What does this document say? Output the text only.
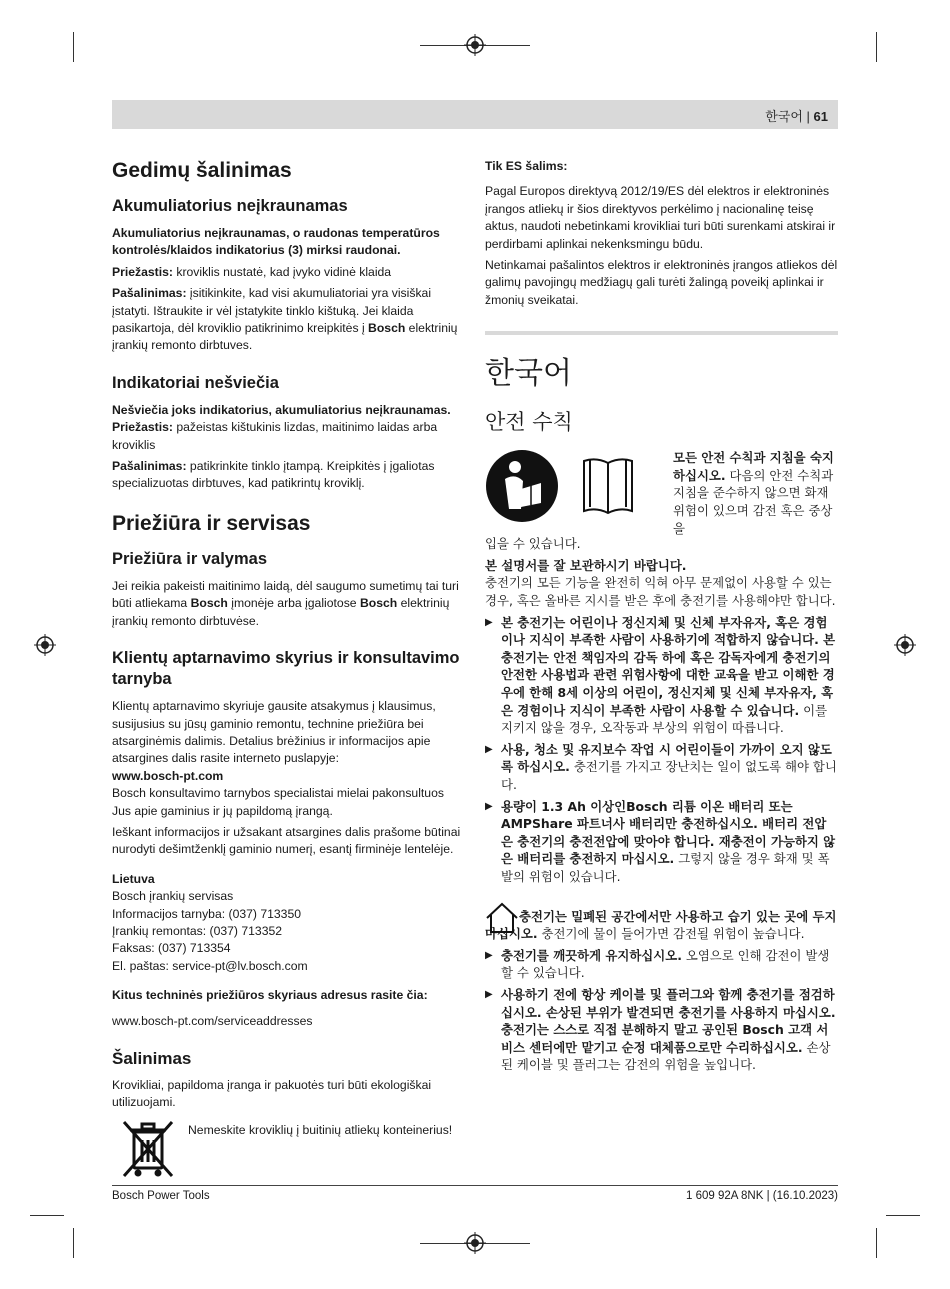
한국어 | 61
Gedimų šalinimas
Akumuliatorius neįkraunamas

Akumuliatorius neįkraunamas, o raudonas temperatūros kontrolės/klaidos indikatorius (3) mirksi raudonai.

Priežastis: kroviklis nustatė, kad įvyko vidinė klaida

Pašalinimas: įsitikinkite, kad visi akumuliatoriai yra visiškai įstatyti. Ištraukite ir vėl įstatykite tinklo kištuką. Jei klaida pasikartoja, dėl kroviklio patikrinimo kreipkitės į Bosch elektrinių įrankių remonto dirbtuves.

Indikatoriai nešviečia

Nešviečia joks indikatorius, akumuliatorius neįkraunamas.

Priežastis: pažeistas kištukinis lizdas, maitinimo laidas arba kroviklis

Pašalinimas: patikrinkite tinklo įtampą. Kreipkitės į įgaliotas specializuotas dirbtuves, kad patikrintų kroviklį.

Priežiūra ir servisas
Priežiūra ir valymas

Jei reikia pakeisti maitinimo laidą, dėl saugumo sumetimų tai turi būti atliekama Bosch įmonėje arba įgaliotose Bosch elektrinių įrankių remonto dirbtuvėse.

Klientų aptarnavimo skyrius ir konsultavimo tarnyba

Klientų aptarnavimo skyriuje gausite atsakymus į klausimus, susijusius su jūsų gaminio remontu, technine priežiūra bei atsarginėmis dalimis. Detalius brėžinius ir informacijos apie atsargines dalis rasite interneto puslapyje:

www.bosch-pt.com

Bosch konsultavimo tarnybos specialistai mielai pakonsultuos Jus apie gaminius ir jų papildomą įrangą.

Ieškant informacijos ir užsakant atsargines dalis prašome būtinai nurodyti dešimtženklį gaminio numerį, esantį firminėje lentelėje.

Lietuva

Bosch įrankių servisas

Informacijos tarnyba: (037) 713350

Įrankių remontas: (037) 713352

Faksas: (037) 713354

El. paštas: service-pt@lv.bosch.com

Kitus techninės priežiūros skyriaus adresus rasite čia:

www.bosch-pt.com/serviceaddresses

Šalinimas

Krovikliai, papildoma įranga ir pakuotės turi būti ekologiškai utilizuojami.

Nemeskite kroviklių į buitinių atliekų konteinerius!

Tik ES šalims:

Pagal Europos direktyvą 2012/19/ES dėl elektros ir elektroninės įrangos atliekų ir šios direktyvos perkėlimo į nacionalinę teisę aktus, naudoti nebetinkami krovikliai turi būti surenkami atskirai ir perdirbami aplinkai nekenksmingu būdu.

Netinkamai pašalintos elektros ir elektroninės įrangos atliekos dėl galimų pavojingų medžiagų gali turėti žalingą poveikį aplinkai ir žmonių sveikatai.

한국어
안전 수칙
모든 안전 수칙과 지침을 숙지하십시오. 다음의 안전 수칙과 지침을 준수하지 않으면 화재 위험이 있으며 감전 혹은 중상을

입을 수 있습니다.

본 설명서를 잘 보관하시기 바랍니다.

충전기의 모든 기능을 완전히 익혀 아무 문제없이 사용할 수 있는 경우, 혹은 올바른 지시를 받은 후에 충전기를 사용해야만 합니다.

▶ 본 충전기는 어린이나 정신지체 및 신체 부자유자, 혹은 경험이나 지식이 부족한 사람이 사용하기에 적합하지 않습니다. 본 충전기는 안전 책임자의 감독 하에 혹은 감독자에게 충전기의 안전한 사용법과 관련 위험사항에 대한 교육을 받고 이해한 경우에 한해 8세 이상의 어린이, 정신지체 및 신체 부자유자, 혹은 경험이나 지식이 부족한 사람이 사용할 수 있습니다. 이를 지키지 않을 경우, 오작동과 부상의 위험이 따릅니다.
▶ 사용, 청소 및 유지보수 작업 시 어린이들이 가까이 오지 않도록 하십시오. 충전기를 가지고 장난치는 일이 없도록 해야 합니다.
▶ 용량이 1.3 Ah 이상인Bosch 리튬 이온 배터리 또는 AMPShare 파트너사 배터리만 충전하십시오. 배터리 전압은 충전기의 충전전압에 맞아야 합니다. 재충전이 가능하지 않은 배터리를 충전하지 마십시오. 그렇지 않을 경우 화재 및 폭발의 위험이 있습니다.

충전기는 밀폐된 공간에서만 사용하고 습기 있는 곳에 두지 마십시오. 충전기에 물이 들어가면 감전될 위험이 높습니다.

▶ 충전기를 깨끗하게 유지하십시오. 오염으로 인해 감전이 발생할 수 있습니다.
▶ 사용하기 전에 항상 케이블 및 플러그와 함께 충전기를 점검하십시오. 손상된 부위가 발견되면 충전기를 사용하지 마십시오. 충전기는 스스로 직접 분해하지 말고 공인된 Bosch 고객 서비스 센터에만 맡기고 순정 대체품으로만 수리하십시오. 손상된 케이블 및 플러그는 감전의 위험을 높입니다.
Bosch Power Tools	1 609 92A 8NK | (16.10.2023)
